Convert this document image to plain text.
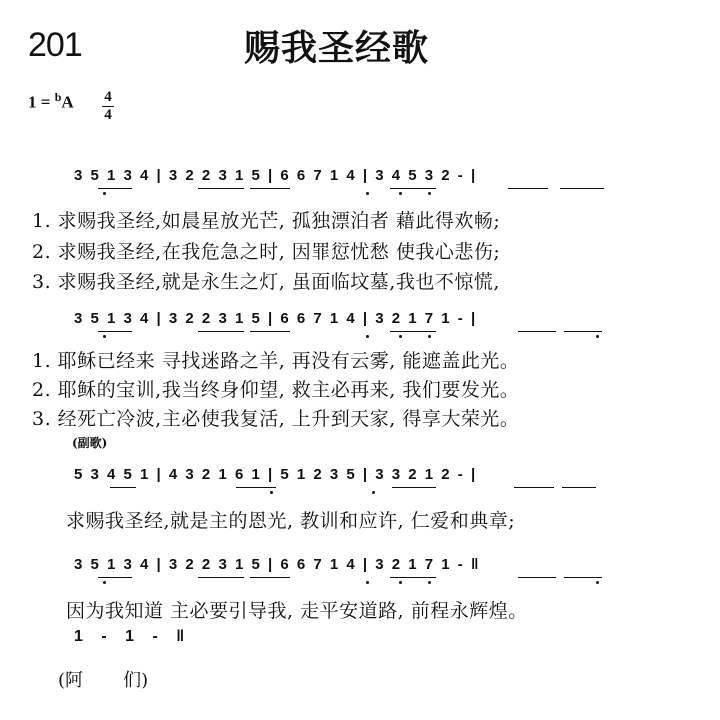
201	赐我圣经歌
1 = $^b$A 4
4
3 5 1 3 4 | 3 2 2 3 1 5 | 6 6 7 1 4 | 3 4 5 3 2 - |
1. 求赐我圣经,如晨星放光芒, 孤独漂泊者 藉此得欢畅;
2. 求赐我圣经,在我危急之时, 因罪愆忧愁 使我心悲伤;
3. 求赐我圣经,就是永生之灯, 虽面临坟墓,我也不惊慌,
3 5 1 3 4 | 3 2 2 3 1 5 | 6 6 7 1 4 | 3 2 1 7 1 - |
1. 耶稣已经来 寻找迷路之羊, 再没有云雾, 能遮盖此光。
2. 耶稣的宝训,我当终身仰望, 救主必再来, 我们要发光。
3. 经死亡冷波,主必使我复活, 上升到天家, 得享大荣光。
(副歌)
5 3 4 5 1 | 4 3 2 1 6 1 | 5 1 2 3 5 | 3 3 2 1 2 - |
求赐我圣经,就是主的恩光, 教训和应许, 仁爱和典章;
3 5 1 3 4 | 3 2 2 3 1 5 | 6 6 7 1 4 | 3 2 1 7 1 - ‖
因为我知道 主必要引导我, 走平安道路, 前程永辉煌。
1 - 1 - ‖
(阿       们)
